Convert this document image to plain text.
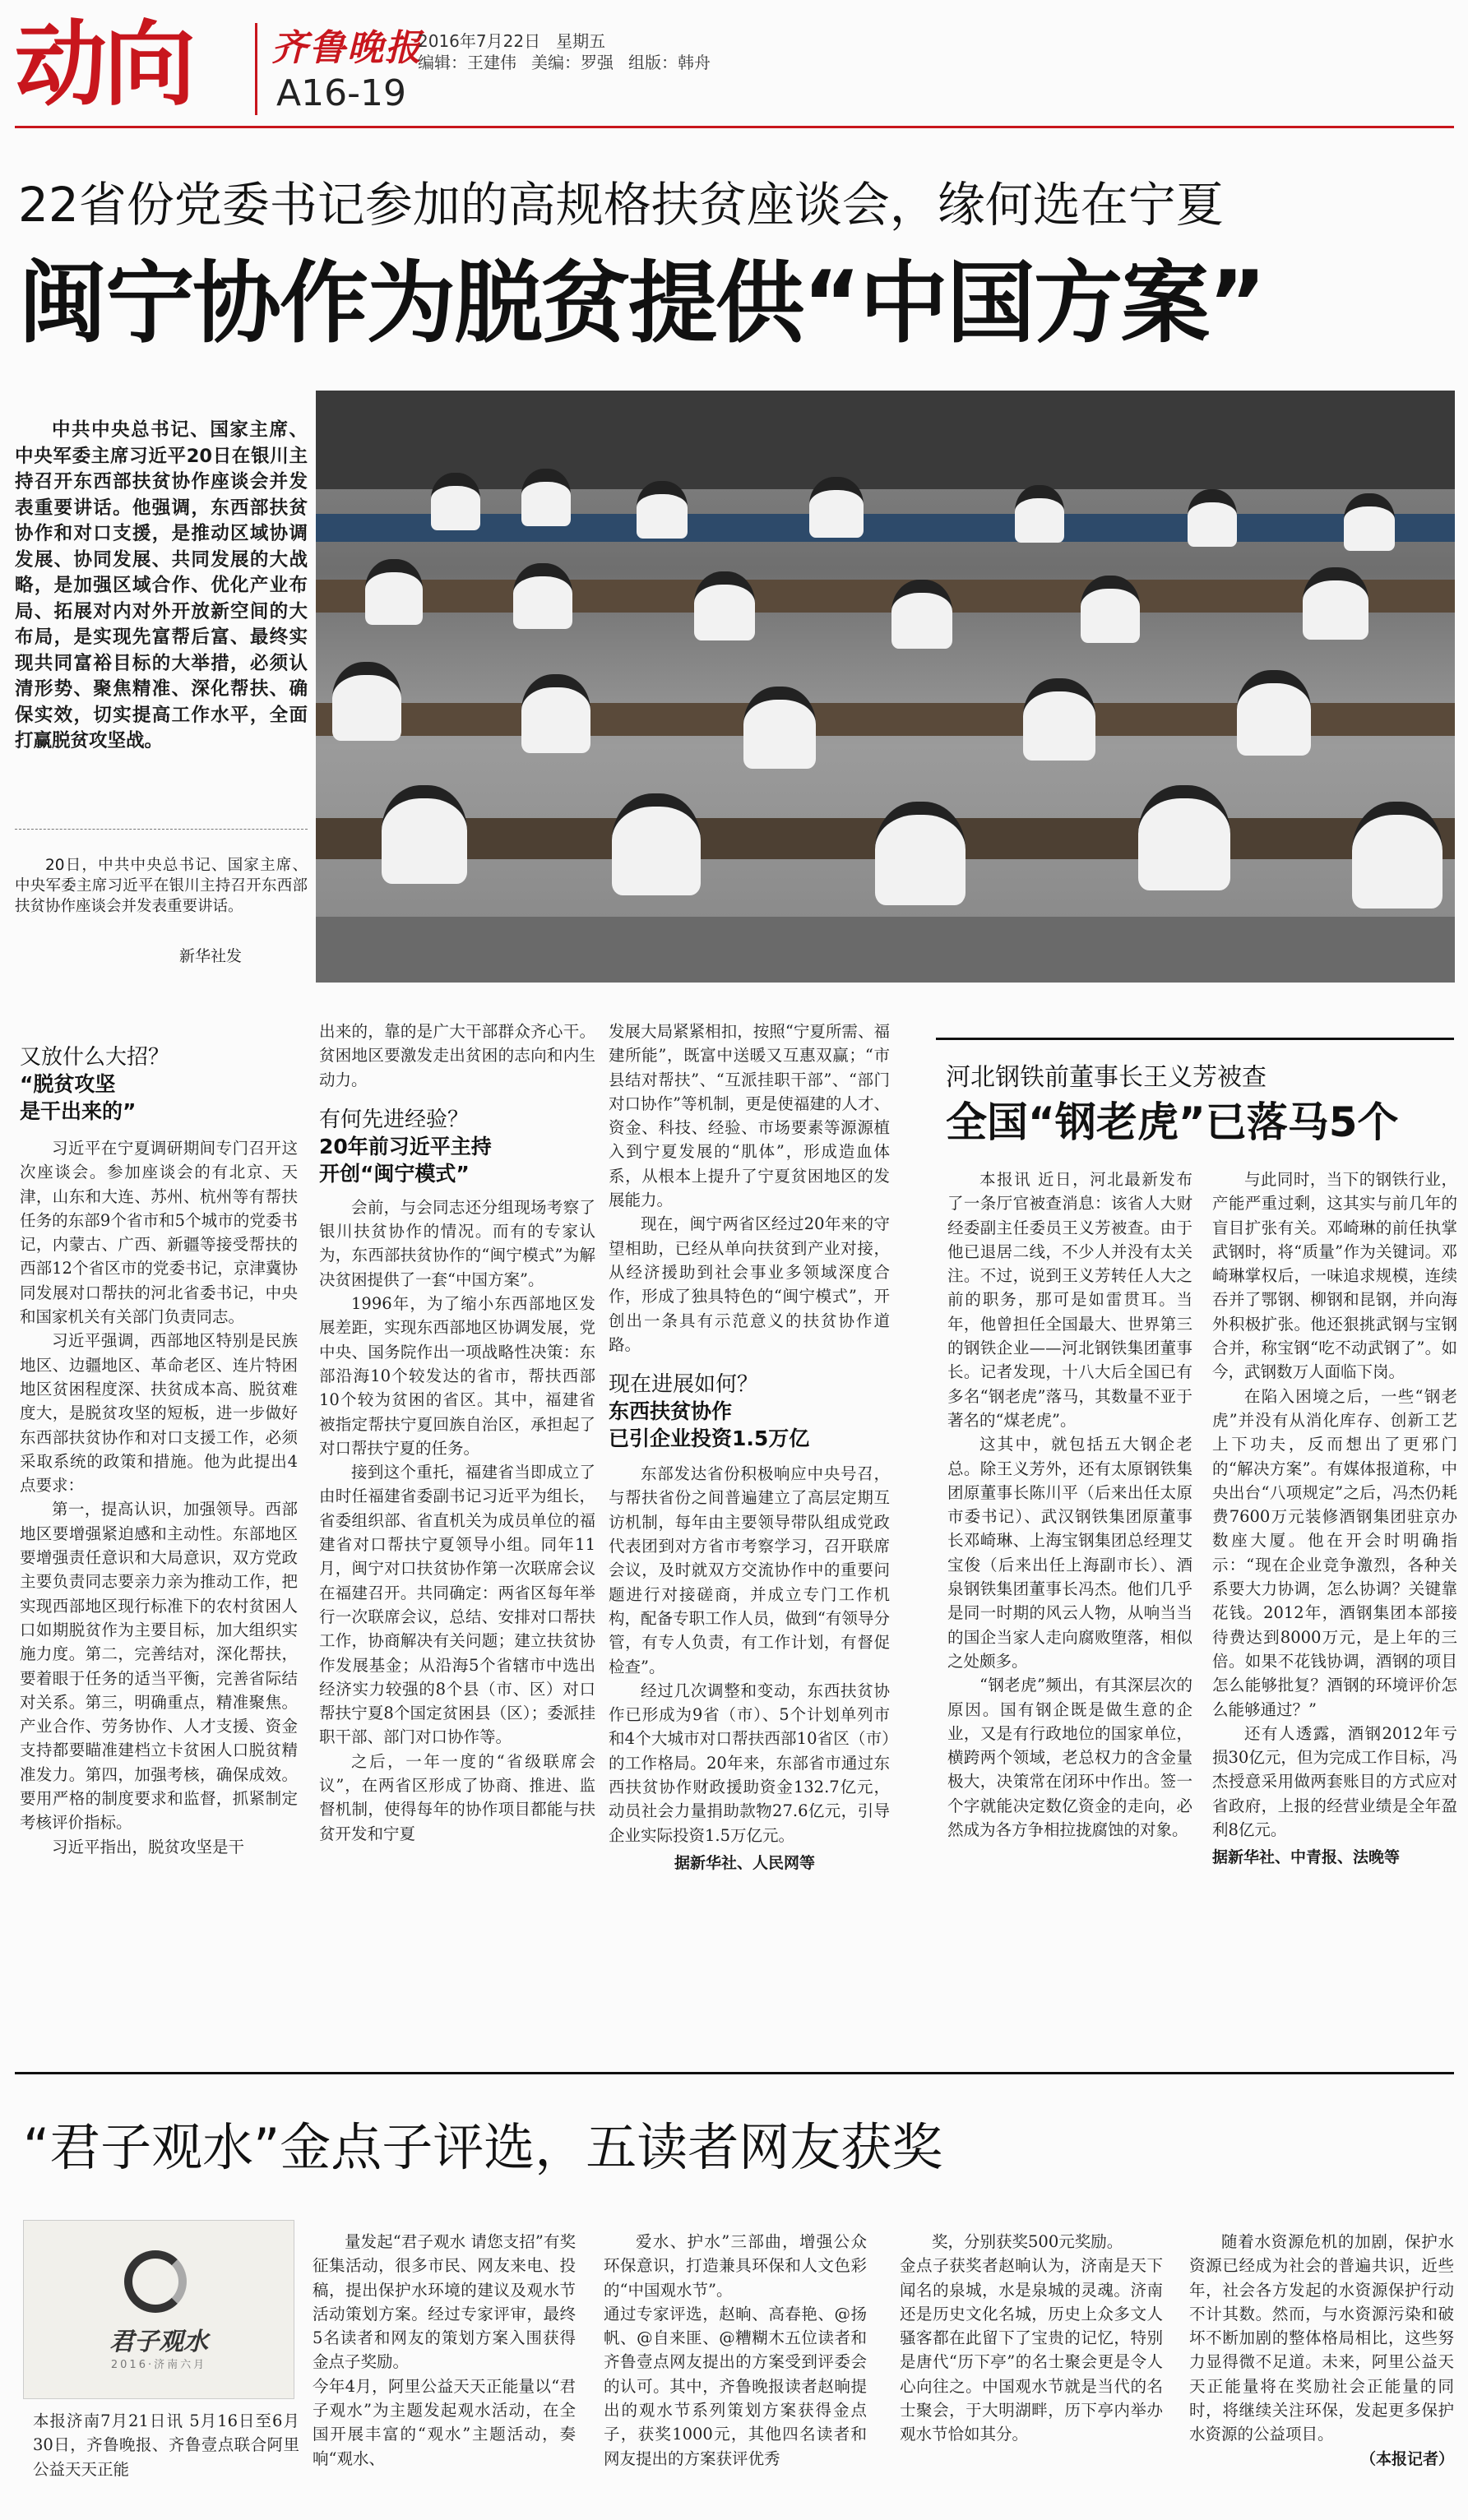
动向 齐鲁晚报
A16-19
2016年7月22日 星期五
编辑：王建伟 美编：罗强 组版：韩舟
22省份党委书记参加的高规格扶贫座谈会，缘何选在宁夏
闽宁协作为脱贫提供“中国方案”
中共中央总书记、国家主席、中央军委主席习近平20日在银川主持召开东西部扶贫协作座谈会并发表重要讲话。他强调，东西部扶贫协作和对口支援，是推动区域协调发展、协同发展、共同发展的大战略，是加强区域合作、优化产业布局、拓展对内对外开放新空间的大布局，是实现先富帮后富、最终实现共同富裕目标的大举措，必须认清形势、聚焦精准、深化帮扶、确保实效，切实提高工作水平，全面打赢脱贫攻坚战。
20日，中共中央总书记、国家主席、中央军委主席习近平在银川主持召开东西部扶贫协作座谈会并发表重要讲话。
新华社发
又放什么大招？
“脱贫攻坚
是干出来的”

习近平在宁夏调研期间专门召开这次座谈会。参加座谈会的有北京、天津，山东和大连、苏州、杭州等有帮扶任务的东部9个省市和5个城市的党委书记，内蒙古、广西、新疆等接受帮扶的西部12个省区市的党委书记，京津冀协同发展对口帮扶的河北省委书记，中央和国家机关有关部门负责同志。

习近平强调，西部地区特别是民族地区、边疆地区、革命老区、连片特困地区贫困程度深、扶贫成本高、脱贫难度大，是脱贫攻坚的短板，进一步做好东西部扶贫协作和对口支援工作，必须采取系统的政策和措施。他为此提出4点要求：

第一，提高认识，加强领导。西部地区要增强紧迫感和主动性。东部地区要增强责任意识和大局意识，双方党政主要负责同志要亲力亲为推动工作，把实现西部地区现行标准下的农村贫困人口如期脱贫作为主要目标，加大组织实施力度。第二，完善结对，深化帮扶，要着眼于任务的适当平衡，完善省际结对关系。第三，明确重点，精准聚焦。产业合作、劳务协作、人才支援、资金支持都要瞄准建档立卡贫困人口脱贫精准发力。第四，加强考核，确保成效。要用严格的制度要求和监督，抓紧制定考核评价指标。

习近平指出，脱贫攻坚是干

出来的，靠的是广大干部群众齐心干。贫困地区要激发走出贫困的志向和内生动力。
有何先进经验？
20年前习近平主持
开创“闽宁模式”

会前，与会同志还分组现场考察了银川扶贫协作的情况。而有的专家认为，东西部扶贫协作的“闽宁模式”为解决贫困提供了一套“中国方案”。

1996年，为了缩小东西部地区发展差距，实现东西部地区协调发展，党中央、国务院作出一项战略性决策：东部沿海10个较发达的省市，帮扶西部10个较为贫困的省区。其中，福建省被指定帮扶宁夏回族自治区，承担起了对口帮扶宁夏的任务。

接到这个重托，福建省当即成立了由时任福建省委副书记习近平为组长，省委组织部、省直机关为成员单位的福建省对口帮扶宁夏领导小组。同年11月，闽宁对口扶贫协作第一次联席会议在福建召开。共同确定：两省区每年举行一次联席会议，总结、安排对口帮扶工作，协商解决有关问题；建立扶贫协作发展基金；从沿海5个省辖市中选出经济实力较强的8个县（市、区）对口帮扶宁夏8个国定贫困县（区）；委派挂职干部、部门对口协作等。

之后，一年一度的“省级联席会议”，在两省区形成了协商、推进、监督机制，使得每年的协作项目都能与扶贫开发和宁夏

发展大局紧紧相扣，按照“宁夏所需、福建所能”，既富中送暖又互惠双赢；“市县结对帮扶”、“互派挂职干部”、“部门对口协作”等机制，更是使福建的人才、资金、科技、经验、市场要素等源源植入到宁夏发展的“肌体”，形成造血体系，从根本上提升了宁夏贫困地区的发展能力。
现在，闽宁两省区经过20年来的守望相助，已经从单向扶贫到产业对接，从经济援助到社会事业多领域深度合作，形成了独具特色的“闽宁模式”，开创出一条具有示范意义的扶贫协作道路。
现在进展如何？
东西扶贫协作
已引企业投资1.5万亿

东部发达省份积极响应中央号召，与帮扶省份之间普遍建立了高层定期互访机制，每年由主要领导带队组成党政代表团到对方省市考察学习，召开联席会议，及时就双方交流协作中的重要问题进行对接磋商，并成立专门工作机构，配备专职工作人员，做到“有领导分管，有专人负责，有工作计划，有督促检查”。

经过几次调整和变动，东西扶贫协作已形成为9省（市）、5个计划单列市和4个大城市对口帮扶西部10省区（市）的工作格局。20年来，东部省市通过东西扶贫协作财政援助资金132.7亿元，动员社会力量捐助款物27.6亿元，引导企业实际投资1.5万亿元。

据新华社、人民网等
河北钢铁前董事长王义芳被查
全国“钢老虎”已落马5个

本报讯 近日，河北最新发布了一条厅官被查消息：该省人大财经委副主任委员王义芳被查。由于他已退居二线，不少人并没有太关注。不过，说到王义芳转任人大之前的职务，那可是如雷贯耳。当年，他曾担任全国最大、世界第三的钢铁企业——河北钢铁集团董事长。记者发现，十八大后全国已有多名“钢老虎”落马，其数量不亚于著名的“煤老虎”。

这其中，就包括五大钢企老总。除王义芳外，还有太原钢铁集团原董事长陈川平（后来出任太原市委书记）、武汉钢铁集团原董事长邓崎琳、上海宝钢集团总经理艾宝俊（后来出任上海副市长）、酒泉钢铁集团董事长冯杰。他们几乎是同一时期的风云人物，从响当当的国企当家人走向腐败堕落，相似之处颇多。

“钢老虎”频出，有其深层次的原因。国有钢企既是做生意的企业，又是有行政地位的国家单位，横跨两个领域，老总权力的含金量极大，决策常在闭环中作出。签一个字就能决定数亿资金的走向，必然成为各方争相拉拢腐蚀的对象。

与此同时，当下的钢铁行业，产能严重过剩，这其实与前几年的盲目扩张有关。邓崎琳的前任执掌武钢时，将“质量”作为关键词。邓崎琳掌权后，一味追求规模，连续吞并了鄂钢、柳钢和昆钢，并向海外积极扩张。他还狠挑武钢与宝钢合并，称宝钢“吃不动武钢了”。如今，武钢数万人面临下岗。

在陷入困境之后，一些“钢老虎”并没有从消化库存、创新工艺上下功夫，反而想出了更邪门的“解决方案”。有媒体报道称，中央出台“八项规定”之后，冯杰仍耗费7600万元装修酒钢集团驻京办数座大厦。他在开会时明确指示：“现在企业竞争激烈，各种关系要大力协调，怎么协调？关键靠花钱。2012年，酒钢集团本部接待费达到8000万元，是上年的三倍。如果不花钱协调，酒钢的项目怎么能够批复？酒钢的环境评价怎么能够通过？”

还有人透露，酒钢2012年亏损30亿元，但为完成工作目标，冯杰授意采用做两套账目的方式应对省政府，上报的经营业绩是全年盈利8亿元。

据新华社、中青报、法晚等
“君子观水”金点子评选，五读者网友获奖
君子观水
2016·济南六月
本报济南7月21日讯 5月16日至6月30日，齐鲁晚报、齐鲁壹点联合阿里公益天天正能
量发起“君子观水 请您支招”有奖征集活动，很多市民、网友来电、投稿，提出保护水环境的建议及观水节活动策划方案。经过专家评审，最终5名读者和网友的策划方案入围获得金点子奖励。
今年4月，阿里公益天天正能量以“君子观水”为主题发起观水活动，在全国开展丰富的“观水”主题活动，奏响“观水、
爱水、护水”三部曲，增强公众环保意识，打造兼具环保和人文色彩的“中国观水节”。
通过专家评选，赵晌、高春艳、@扬帆、@自来匪、@糟糊木五位读者和齐鲁壹点网友提出的方案受到评委会的认可。其中，齐鲁晚报读者赵晌提出的观水节系列策划方案获得金点子，获奖1000元，其他四名读者和网友提出的方案获评优秀
奖，分别获奖500元奖励。
金点子获奖者赵晌认为，济南是天下闻名的泉城，水是泉城的灵魂。济南还是历史文化名城，历史上众多文人骚客都在此留下了宝贵的记忆，特别是唐代“历下亭”的名士聚会更是令人心向往之。中国观水节就是当代的名士聚会，于大明湖畔，历下亭内举办观水节恰如其分。
随着水资源危机的加剧，保护水资源已经成为社会的普遍共识，近些年，社会各方发起的水资源保护行动不计其数。然而，与水资源污染和破坏不断加剧的整体格局相比，这些努力显得微不足道。未来，阿里公益天天正能量将在奖励社会正能量的同时，将继续关注环保，发起更多保护水资源的公益项目。
（本报记者）
